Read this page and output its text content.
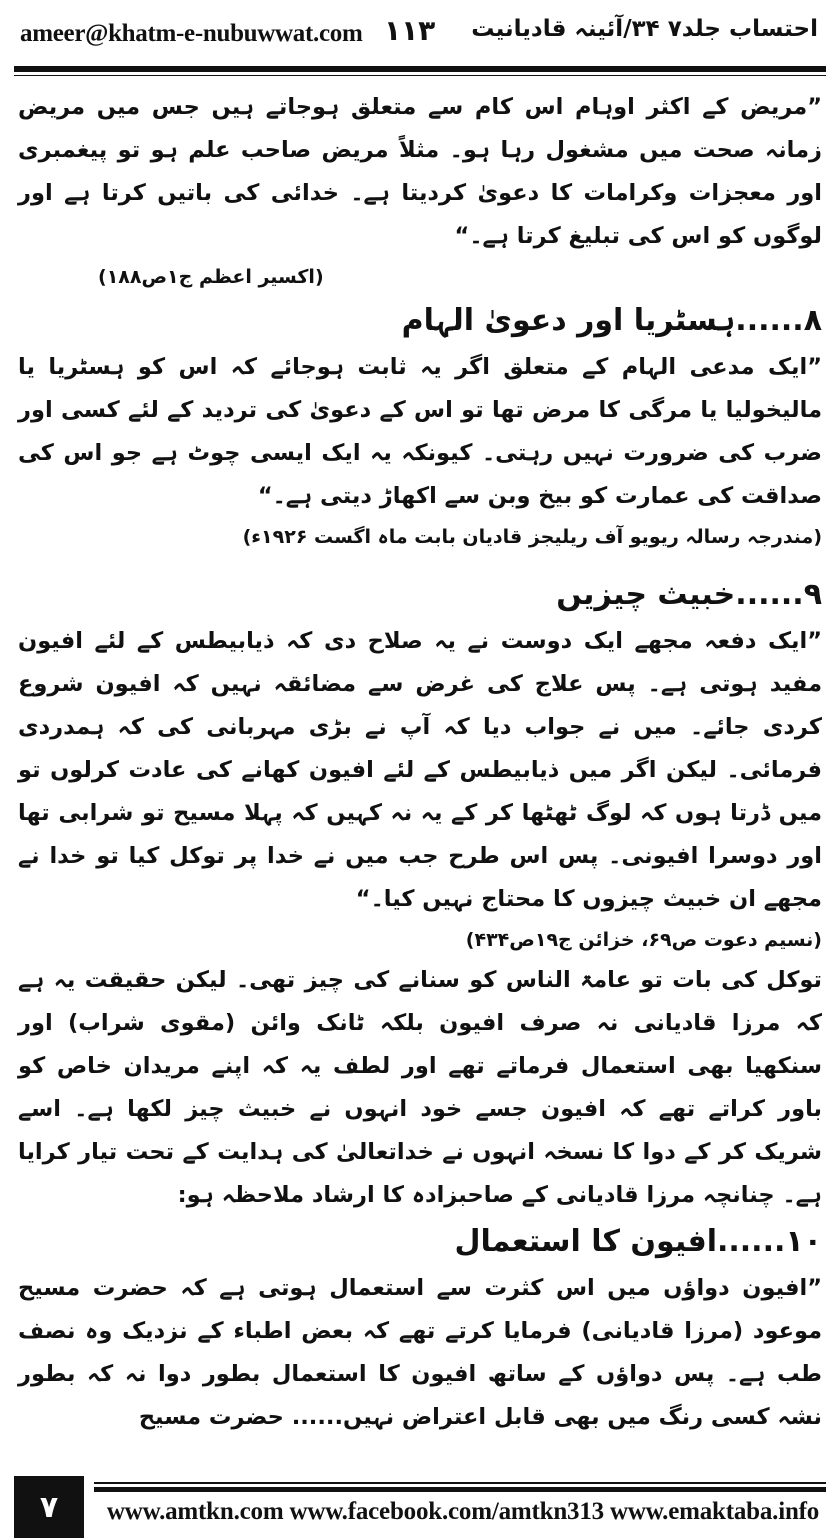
ameer@khatm-e-nubuwwat.com ۱۱۳ احتساب جلد۷ ۳۴/آئینہ قادیانیت

”مریض کے اکثر اوہام اس کام سے متعلق ہوجاتے ہیں جس میں مریض زمانہ صحت میں مشغول رہا ہو۔ مثلاً مریض صاحب علم ہو تو پیغمبری اور معجزات وکرامات کا دعویٰ کردیتا ہے۔ خدائی کی باتیں کرتا ہے اور لوگوں کو اس کی تبلیغ کرتا ہے۔“

(اکسیر اعظم ج۱ص۱۸۸)

۸......ہسٹریا اور دعویٰ الہام

”ایک مدعی الہام کے متعلق اگر یہ ثابت ہوجائے کہ اس کو ہسٹریا یا مالیخولیا یا مرگی کا مرض تھا تو اس کے دعویٰ کی تردید کے لئے کسی اور ضرب کی ضرورت نہیں رہتی۔ کیونکہ یہ ایک ایسی چوٹ ہے جو اس کی صداقت کی عمارت کو بیخ وبن سے اکھاڑ دیتی ہے۔“

(مندرجہ رسالہ ریویو آف ریلیجز قادیان بابت ماہ اگست ۱۹۲۶ء)

۹......خبیث چیزیں

”ایک دفعہ مجھے ایک دوست نے یہ صلاح دی کہ ذیابیطس کے لئے افیون مفید ہوتی ہے۔ پس علاج کی غرض سے مضائقہ نہیں کہ افیون شروع کردی جائے۔ میں نے جواب دیا کہ آپ نے بڑی مہربانی کی کہ ہمدردی فرمائی۔ لیکن اگر میں ذیابیطس کے لئے افیون کھانے کی عادت کرلوں تو میں ڈرتا ہوں کہ لوگ ٹھٹھا کر کے یہ نہ کہیں کہ پہلا مسیح تو شرابی تھا اور دوسرا افیونی۔ پس اس طرح جب میں نے خدا پر توکل کیا تو خدا نے مجھے ان خبیث چیزوں کا محتاج نہیں کیا۔“

(نسیم دعوت ص۶۹، خزائن ج۱۹ص۴۳۴)

توکل کی بات تو عامۃ الناس کو سنانے کی چیز تھی۔ لیکن حقیقت یہ ہے کہ مرزا قادیانی نہ صرف افیون بلکہ ٹانک وائن (مقوی شراب) اور سنکھیا بھی استعمال فرماتے تھے اور لطف یہ کہ اپنے مریدان خاص کو باور کراتے تھے کہ افیون جسے خود انہوں نے خبیث چیز لکھا ہے۔ اسے شریک کر کے دوا کا نسخہ انہوں نے خداتعالیٰ کی ہدایت کے تحت تیار کرایا ہے۔ چنانچہ مرزا قادیانی کے صاحبزادہ کا ارشاد ملاحظہ ہو:

۱۰......افیون کا استعمال

”افیون دواؤں میں اس کثرت سے استعمال ہوتی ہے کہ حضرت مسیح موعود (مرزا قادیانی) فرمایا کرتے تھے کہ بعض اطباء کے نزدیک وہ نصف طب ہے۔ پس دواؤں کے ساتھ افیون کا استعمال بطور دوا نہ کہ بطور نشہ کسی رنگ میں بھی قابل اعتراض نہیں...... حضرت مسیح

۷	www.amtkn.com www.facebook.com/amtkn313 www.emaktaba.info
